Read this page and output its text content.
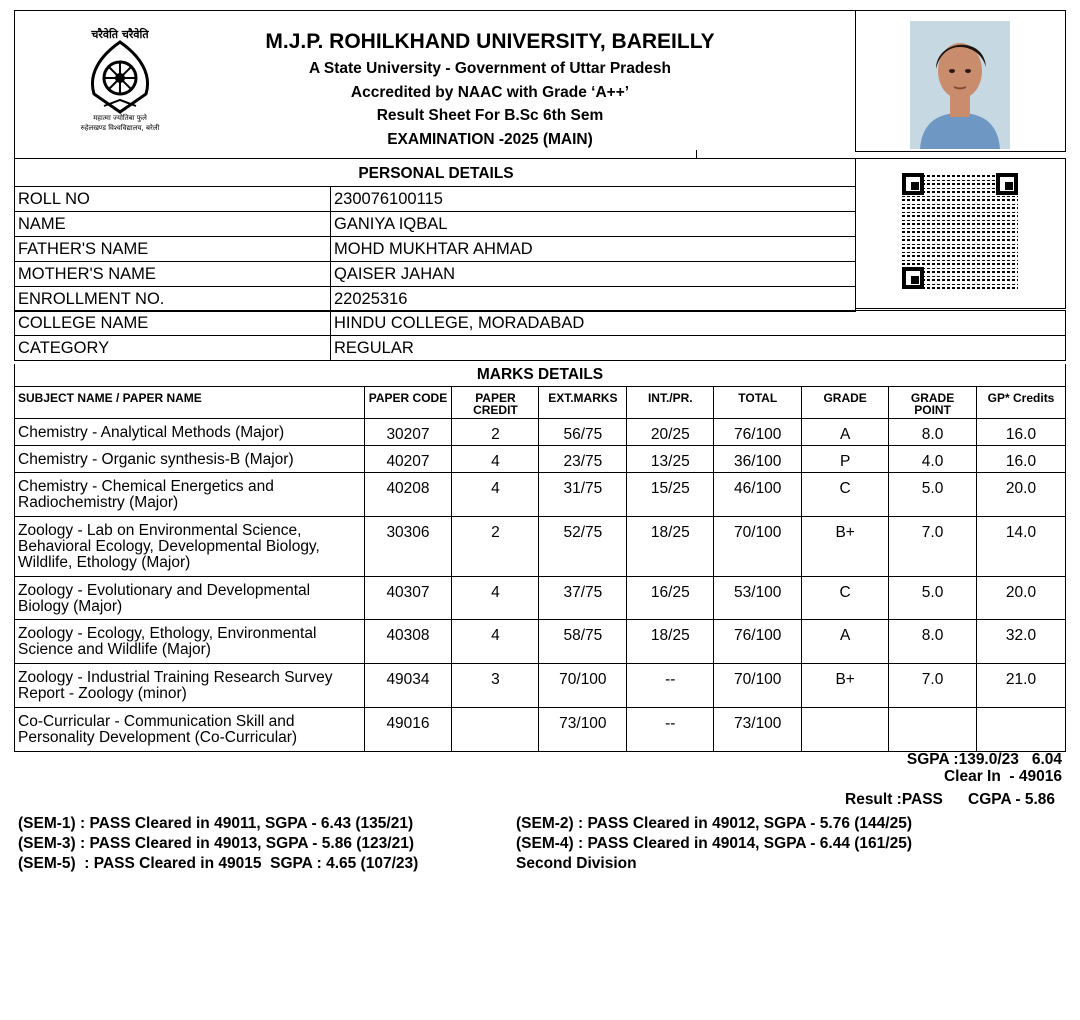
चरैवेति चरैवेति
महात्मा ज्योतिबा फुले
रुहेलखण्ड विश्वविद्यालय, बरेली
M.J.P. ROHILKHAND UNIVERSITY, BAREILLY
A State University - Government of Uttar Pradesh
Accredited by NAAC with Grade ‘A++’
Result Sheet For B.Sc 6th Sem
EXAMINATION -2025 (MAIN)
PERSONAL DETAILS
ROLL NO	230076100115
NAME	GANIYA IQBAL
FATHER'S NAME	MOHD MUKHTAR AHMAD
MOTHER'S NAME	QAISER JAHAN
ENROLLMENT NO.	22025316
COLLEGE NAME	HINDU COLLEGE, MORADABAD
CATEGORY	REGULAR
MARKS DETAILS								
SUBJECT NAME / PAPER NAME	PAPER CODE	PAPER CREDIT	EXT.MARKS	INT./PR.	TOTAL	GRADE	GRADE POINT	GP* Credits
Chemistry - Analytical Methods (Major)	30207	2	56/75	20/25	76/100	A	8.0	16.0
Chemistry - Organic synthesis-B (Major)	40207	4	23/75	13/25	36/100	P	4.0	16.0
Chemistry - Chemical Energetics and Radiochemistry (Major)	40208	4	31/75	15/25	46/100	C	5.0	20.0
Zoology - Lab on Environmental Science, Behavioral Ecology, Developmental Biology, Wildlife, Ethology (Major)	30306	2	52/75	18/25	70/100	B+	7.0	14.0
Zoology - Evolutionary and Developmental Biology (Major)	40307	4	37/75	16/25	53/100	C	5.0	20.0
Zoology - Ecology, Ethology, Environmental Science and Wildlife (Major)	40308	4	58/75	18/25	76/100	A	8.0	32.0
Zoology - Industrial Training Research Survey Report - Zoology (minor)	49034	3	70/100	--	70/100	B+	7.0	21.0
Co-Curricular - Communication Skill and Personality Development (Co-Curricular)	49016		73/100	--	73/100			
SGPA :139.0/23   6.04
Clear In  - 49016
Result :PASS CGPA - 5.86
(SEM-1) : PASS Cleared in 49011, SGPA - 6.43 (135/21)	(SEM-2) : PASS Cleared in 49012, SGPA - 5.76 (144/25)
(SEM-3) : PASS Cleared in 49013, SGPA - 5.86 (123/21)	(SEM-4) : PASS Cleared in 49014, SGPA - 6.44 (161/25)
(SEM-5)  : PASS Cleared in 49015  SGPA : 4.65 (107/23)	Second Division
